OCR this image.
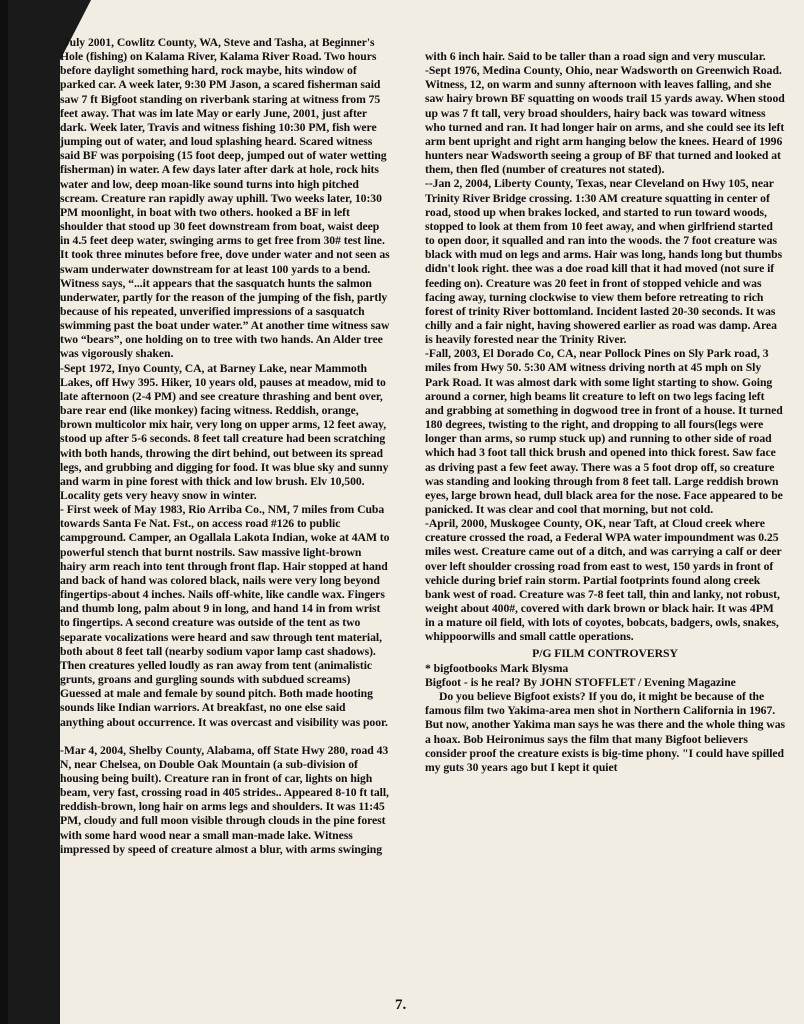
-July 2001, Cowlitz County, WA, Steve and Tasha, at Beginner's Hole (fishing) on Kalama River, Kalama River Road. Two hours before daylight something hard, rock maybe, hits window of parked car. A week later, 9:30 PM Jason, a scared fisherman said saw 7 ft Bigfoot standing on riverbank staring at witness from 75 feet away. That was im late May or early June, 2001, just after dark. Week later, Travis and witness fishing 10:30 PM, fish were jumping out of water, and loud splashing heard. Scared witness said BF was porpoising (15 foot deep, jumped out of water wetting fisherman) in water. A few days later after dark at hole, rock hits water and low, deep moan-like sound turns into high pitched scream. Creature ran rapidly away uphill. Two weeks later, 10:30 PM moonlight, in boat with two others. hooked a BF in left shoulder that stood up 30 feet downstream from boat, waist deep in 4.5 feet deep water, swinging arms to get free from 30# test line. It took three minutes before free, dove under water and not seen as swam underwater downstream for at least 100 yards to a bend. Witness says, “...it appears that the sasquatch hunts the salmon underwater, partly for the reason of the jumping of the fish, partly because of his repeated, unverified impressions of a sasquatch swimming past the boat under water.” At another time witness saw two “bears”, one holding on to tree with two hands. An Alder tree was vigorously shaken.

-Sept 1972, Inyo County, CA, at Barney Lake, near Mammoth Lakes, off Hwy 395. Hiker, 10 years old, pauses at meadow, mid to late afternoon (2-4 PM) and see creature thrashing and bent over, bare rear end (like monkey) facing witness. Reddish, orange, brown multicolor mix hair, very long on upper arms, 12 feet away, stood up after 5-6 seconds. 8 feet tall creature had been scratching with both hands, throwing the dirt behind, out between its spread legs, and grubbing and digging for food. It was blue sky and sunny and warm in pine forest with thick and low brush. Elv 10,500. Locality gets very heavy snow in winter.

- First week of May 1983, Rio Arriba Co., NM, 7 miles from Cuba towards Santa Fe Nat. Fst., on access road #126 to public campground. Camper, an Ogallala Lakota Indian, woke at 4AM to powerful stench that burnt nostrils. Saw massive light-brown hairy arm reach into tent through front flap. Hair stopped at hand and back of hand was colored black, nails were very long beyond fingertips-about 4 inches. Nails off-white, like candle wax. Fingers and thumb long, palm about 9 in long, and hand 14 in from wrist to fingertips. A second creature was outside of the tent as two separate vocalizations were heard and saw through tent material, both about 8 feet tall (nearby sodium vapor lamp cast shadows). Then creatures yelled loudly as ran away from tent (animalistic grunts, groans and gurgling sounds with subdued screams) Guessed at male and female by sound pitch. Both made hooting sounds like Indian warriors. At breakfast, no one else said anything about occurrence. It was overcast and visibility was poor.

-Mar 4, 2004, Shelby County, Alabama, off State Hwy 280, road 43 N, near Chelsea, on Double Oak Mountain (a sub-division of housing being built). Creature ran in front of car, lights on high beam, very fast, crossing road in 405 strides.. Appeared 8-10 ft tall, reddish-brown, long hair on arms legs and shoulders. It was 11:45 PM, cloudy and full moon visible through clouds in the pine forest with some hard wood near a small man-made lake. Witness impressed by speed of creature almost a blur, with arms swinging

with 6 inch hair. Said to be taller than a road sign and very muscular.

-Sept 1976, Medina County, Ohio, near Wadsworth on Greenwich Road. Witness, 12, on warm and sunny afternoon with leaves falling, and she saw hairy brown BF squatting on woods trail 15 yards away. When stood up was 7 ft tall, very broad shoulders, hairy back was toward witness who turned and ran. It had longer hair on arms, and she could see its left arm bent upright and right arm hanging below the knees. Heard of 1996 hunters near Wadsworth seeing a group of BF that turned and looked at them, then fled (number of creatures not stated).

--Jan 2, 2004, Liberty County, Texas, near Cleveland on Hwy 105, near Trinity River Bridge crossing. 1:30 AM creature squatting in center of road, stood up when brakes locked, and started to run toward woods, stopped to look at them from 10 feet away, and when girlfriend started to open door, it squalled and ran into the woods. the 7 foot creature was black with mud on legs and arms. Hair was long, hands long but thumbs didn't look right. thee was a doe road kill that it had moved (not sure if feeding on). Creature was 20 feet in front of stopped vehicle and was facing away, turning clockwise to view them before retreating to rich forest of trinity River bottomland. Incident lasted 20-30 seconds. It was chilly and a fair night, having showered earlier as road was damp. Area is heavily forested near the Trinity River.

-Fall, 2003, El Dorado Co, CA, near Pollock Pines on Sly Park road, 3 miles from Hwy 50. 5:30 AM witness driving north at 45 mph on Sly Park Road. It was almost dark with some light starting to show. Going around a corner, high beams lit creature to left on two legs facing left and grabbing at something in dogwood tree in front of a house. It turned 180 degrees, twisting to the right, and dropping to all fours(legs were longer than arms, so rump stuck up) and running to other side of road which had 3 foot tall thick brush and opened into thick forest. Saw face as driving past a few feet away. There was a 5 foot drop off, so creature was standing and looking through from 8 feet tall. Large reddish brown eyes, large brown head, dull black area for the nose. Face appeared to be panicked. It was clear and cool that morning, but not cold.

-April, 2000, Muskogee County, OK, near Taft, at Cloud creek where creature crossed the road, a Federal WPA water impoundment was 0.25 miles west. Creature came out of a ditch, and was carrying a calf or deer over left shoulder crossing road from east to west, 150 yards in front of vehicle during brief rain storm. Partial footprints found along creek bank west of road. Creature was 7-8 feet tall, thin and lanky, not robust, weight about 400#, covered with dark brown or black hair. It was 4PM in a mature oil field, with lots of coyotes, bobcats, badgers, owls, snakes, whippoorwills and small cattle operations.

P/G FILM CONTROVERSY

* bigfootbooks Mark Blysma

Bigfoot - is he real? By JOHN STOFFLET / Evening Magazine

Do you believe Bigfoot exists? If you do, it might be because of the famous film two Yakima-area men shot in Northern California in 1967. But now, another Yakima man says he was there and the whole thing was a hoax. Bob Heironimus says the film that many Bigfoot believers consider proof the creature exists is big-time phony. "I could have spilled my guts 30 years ago but I kept it quiet

7.
